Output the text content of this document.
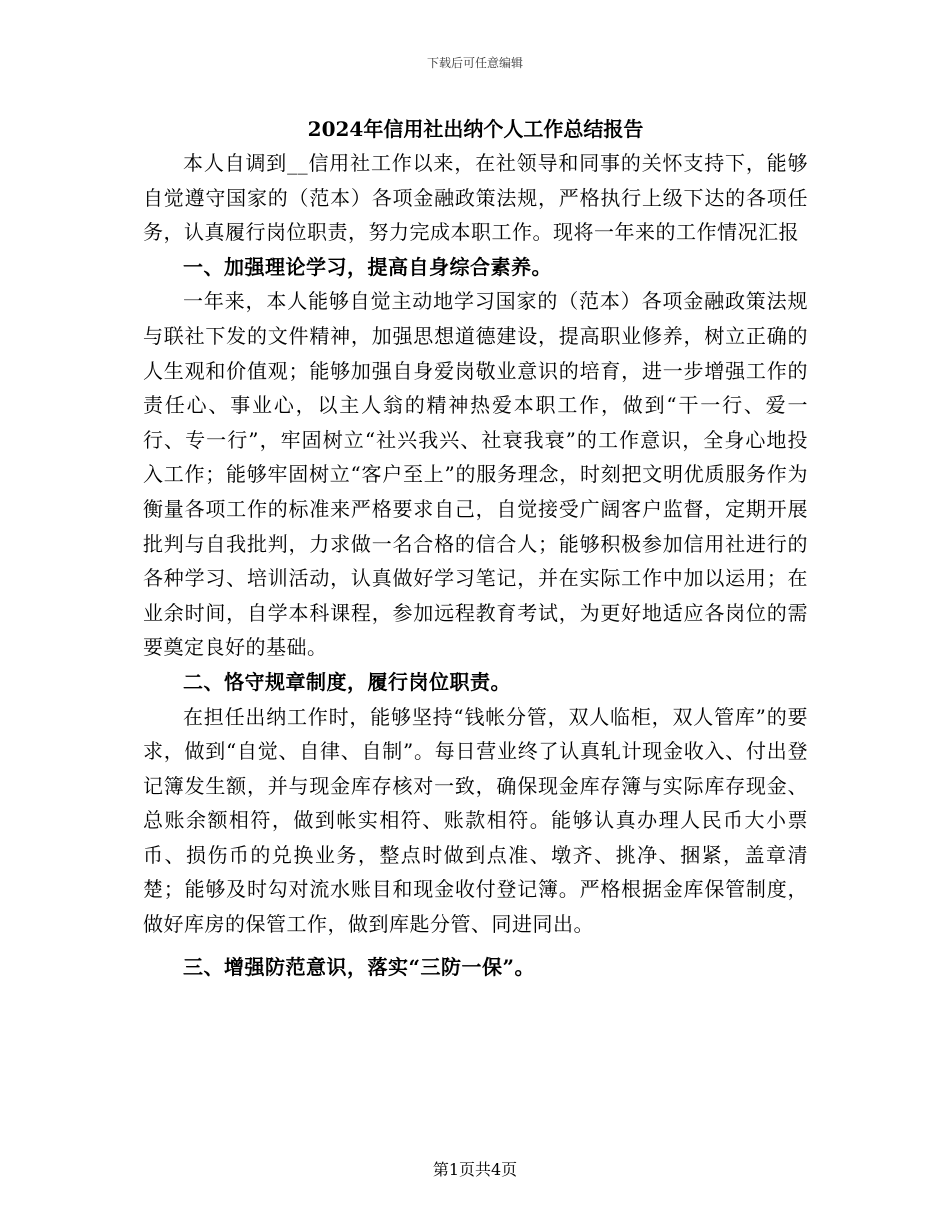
下载后可任意编辑
2024年信用社出纳个人工作总结报告

本人自调到__信用社工作以来，在社领导和同事的关怀支持下，能够自觉遵守国家的（范本）各项金融政策法规，严格执行上级下达的各项任务，认真履行岗位职责，努力完成本职工作。现将一年来的工作情况汇报

一、加强理论学习，提高自身综合素养。

一年来，本人能够自觉主动地学习国家的（范本）各项金融政策法规与联社下发的文件精神，加强思想道德建设，提高职业修养，树立正确的人生观和价值观；能够加强自身爱岗敬业意识的培育，进一步增强工作的责任心、事业心，以主人翁的精神热爱本职工作，做到“干一行、爱一行、专一行”，牢固树立“社兴我兴、社衰我衰”的工作意识，全身心地投入工作；能够牢固树立“客户至上”的服务理念，时刻把文明优质服务作为衡量各项工作的标准来严格要求自己，自觉接受广阔客户监督，定期开展批判与自我批判，力求做一名合格的信合人；能够积极参加信用社进行的各种学习、培训活动，认真做好学习笔记，并在实际工作中加以运用；在业余时间，自学本科课程，参加远程教育考试，为更好地适应各岗位的需要奠定良好的基础。

二、恪守规章制度，履行岗位职责。

在担任出纳工作时，能够坚持“钱帐分管，双人临柜，双人管库”的要求，做到“自觉、自律、自制”。每日营业终了认真轧计现金收入、付出登记簿发生额，并与现金库存核对一致，确保现金库存簿与实际库存现金、总账余额相符，做到帐实相符、账款相符。能够认真办理人民币大小票币、损伤币的兑换业务，整点时做到点准、墩齐、挑净、捆紧，盖章清楚；能够及时勾对流水账目和现金收付登记簿。严格根据金库保管制度，做好库房的保管工作，做到库匙分管、同进同出。

三、增强防范意识，落实“三防一保”。

第1页共4页
